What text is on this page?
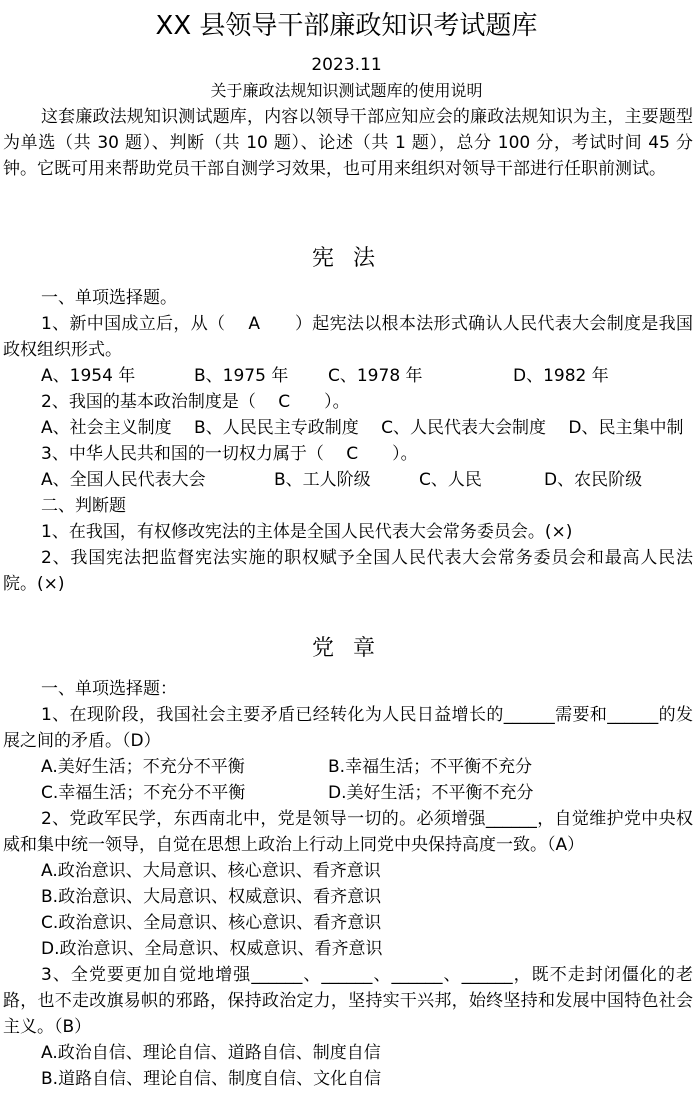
XX 县领导干部廉政知识考试题库
2023.11
关于廉政法规知识测试题库的使用说明

这套廉政法规知识测试题库，内容以领导干部应知应会的廉政法规知识为主，主要题型为单选（共 30 题）、判断（共 10 题）、论述（共 1 题），总分 100 分，考试时间 45 分钟。它既可用来帮助党员干部自测学习效果，也可用来组织对领导干部进行任职前测试。

宪 法

一、单项选择题。

1、新中国成立后，从（　 A　　）起宪法以根本法形式确认人民代表大会制度是我国政权组织形式。

A、1954 年	B、1975 年	C、1978 年	D、1982 年

2、我国的基本政治制度是（　 C　　）。

A、社会主义制度　 B、人民民主专政制度　 C、人民代表大会制度　 D、民主集中制

3、中华人民共和国的一切权力属于（　 C　　）。

A、全国人民代表大会	B、工人阶级	C、人民	D、农民阶级

二、判断题

1、在我国，有权修改宪法的主体是全国人民代表大会常务委员会。(×)

2、我国宪法把监督宪法实施的职权赋予全国人民代表大会常务委员会和最高人民法院。(×)

党 章

一、单项选择题：

1、在现阶段，我国社会主要矛盾已经转化为人民日益增长的______需要和______的发展之间的矛盾。（D）

A.美好生活；不充分不平衡	B.幸福生活；不平衡不充分
C.幸福生活；不充分不平衡	D.美好生活；不平衡不充分

2、党政军民学，东西南北中，党是领导一切的。必须增强______，自觉维护党中央权威和集中统一领导，自觉在思想上政治上行动上同党中央保持高度一致。（A）

A.政治意识、大局意识、核心意识、看齐意识
B.政治意识、大局意识、权威意识、看齐意识
C.政治意识、全局意识、核心意识、看齐意识
D.政治意识、全局意识、权威意识、看齐意识

3、全党要更加自觉地增强______、______、______、______，既不走封闭僵化的老路，也不走改旗易帜的邪路，保持政治定力，坚持实干兴邦，始终坚持和发展中国特色社会主义。（B）

A.政治自信、理论自信、道路自信、制度自信
B.道路自信、理论自信、制度自信、文化自信
